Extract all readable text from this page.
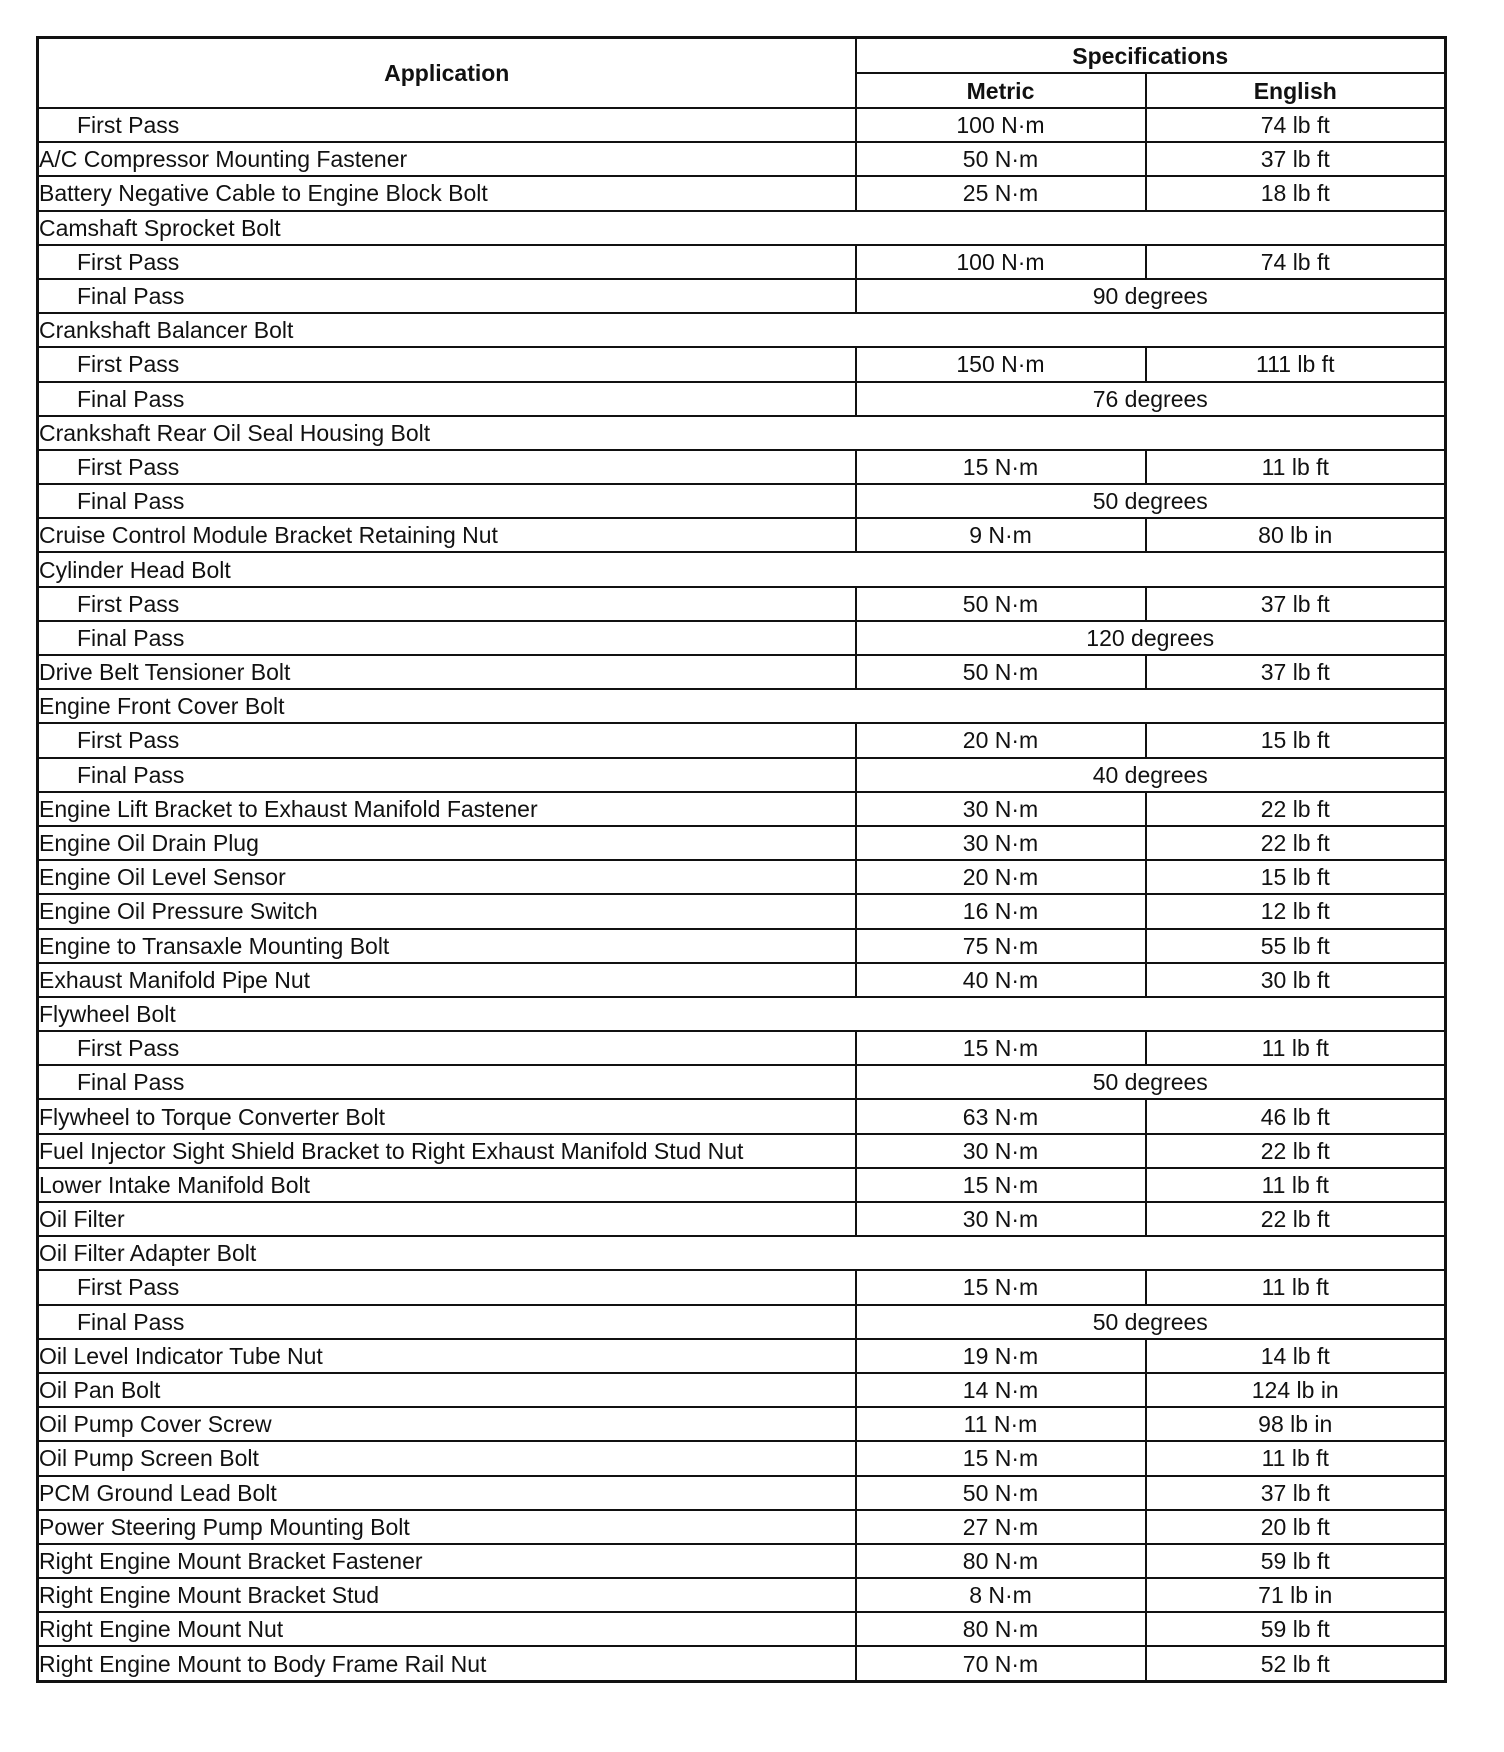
Application	Specifications	
	Metric	English
First Pass	100 N·m	74 lb ft
A/C Compressor Mounting Fastener	50 N·m	37 lb ft
Battery Negative Cable to Engine Block Bolt	25 N·m	18 lb ft
Camshaft Sprocket Bolt		
First Pass	100 N·m	74 lb ft
Final Pass	90 degrees	
Crankshaft Balancer Bolt		
First Pass	150 N·m	111 lb ft
Final Pass	76 degrees	
Crankshaft Rear Oil Seal Housing Bolt		
First Pass	15 N·m	11 lb ft
Final Pass	50 degrees	
Cruise Control Module Bracket Retaining Nut	9 N·m	80 lb in
Cylinder Head Bolt		
First Pass	50 N·m	37 lb ft
Final Pass	120 degrees	
Drive Belt Tensioner Bolt	50 N·m	37 lb ft
Engine Front Cover Bolt		
First Pass	20 N·m	15 lb ft
Final Pass	40 degrees	
Engine Lift Bracket to Exhaust Manifold Fastener	30 N·m	22 lb ft
Engine Oil Drain Plug	30 N·m	22 lb ft
Engine Oil Level Sensor	20 N·m	15 lb ft
Engine Oil Pressure Switch	16 N·m	12 lb ft
Engine to Transaxle Mounting Bolt	75 N·m	55 lb ft
Exhaust Manifold Pipe Nut	40 N·m	30 lb ft
Flywheel Bolt		
First Pass	15 N·m	11 lb ft
Final Pass	50 degrees	
Flywheel to Torque Converter Bolt	63 N·m	46 lb ft
Fuel Injector Sight Shield Bracket to Right Exhaust Manifold Stud Nut	30 N·m	22 lb ft
Lower Intake Manifold Bolt	15 N·m	11 lb ft
Oil Filter	30 N·m	22 lb ft
Oil Filter Adapter Bolt		
First Pass	15 N·m	11 lb ft
Final Pass	50 degrees	
Oil Level Indicator Tube Nut	19 N·m	14 lb ft
Oil Pan Bolt	14 N·m	124 lb in
Oil Pump Cover Screw	11 N·m	98 lb in
Oil Pump Screen Bolt	15 N·m	11 lb ft
PCM Ground Lead Bolt	50 N·m	37 lb ft
Power Steering Pump Mounting Bolt	27 N·m	20 lb ft
Right Engine Mount Bracket Fastener	80 N·m	59 lb ft
Right Engine Mount Bracket Stud	8 N·m	71 lb in
Right Engine Mount Nut	80 N·m	59 lb ft
Right Engine Mount to Body Frame Rail Nut	70 N·m	52 lb ft
